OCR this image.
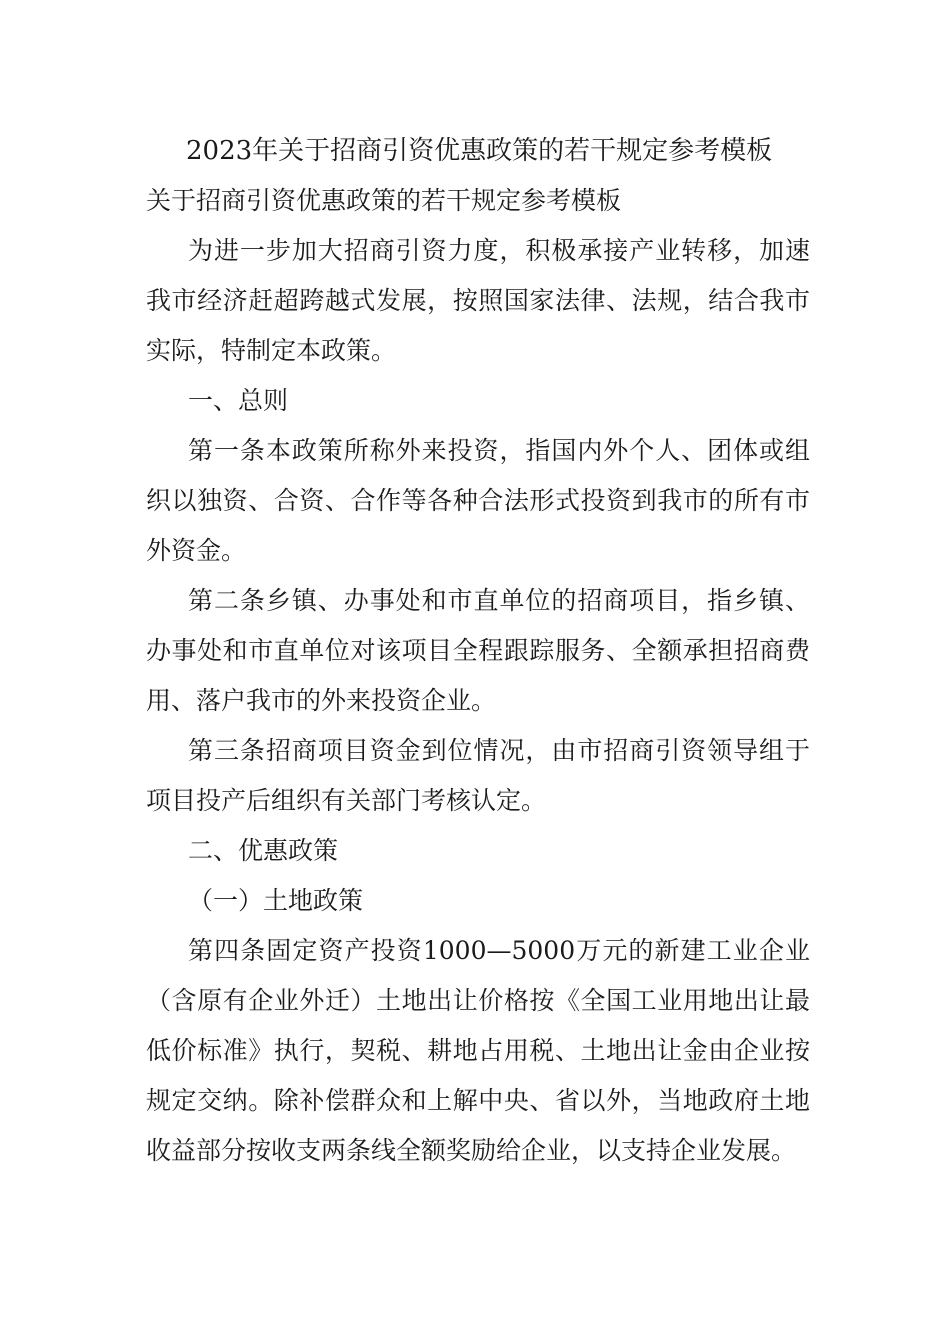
2023年关于招商引资优惠政策的若干规定参考模板

关于招商引资优惠政策的若干规定参考模板

为进一步加大招商引资力度，积极承接产业转移，加速我市经济赶超跨越式发展，按照国家法律、法规，结合我市实际，特制定本政策。

一、总则

第一条本政策所称外来投资，指国内外个人、团体或组织以独资、合资、合作等各种合法形式投资到我市的所有市外资金。

第二条乡镇、办事处和市直单位的招商项目，指乡镇、办事处和市直单位对该项目全程跟踪服务、全额承担招商费用、落户我市的外来投资企业。

第三条招商项目资金到位情况，由市招商引资领导组于项目投产后组织有关部门考核认定。

二、优惠政策

（一）土地政策

第四条固定资产投资1000—5000万元的新建工业企业（含原有企业外迁）土地出让价格按《全国工业用地出让最低价标准》执行，契税、耕地占用税、土地出让金由企业按规定交纳。除补偿群众和上解中央、省以外，当地政府土地收益部分按收支两条线全额奖励给企业，以支持企业发展。
